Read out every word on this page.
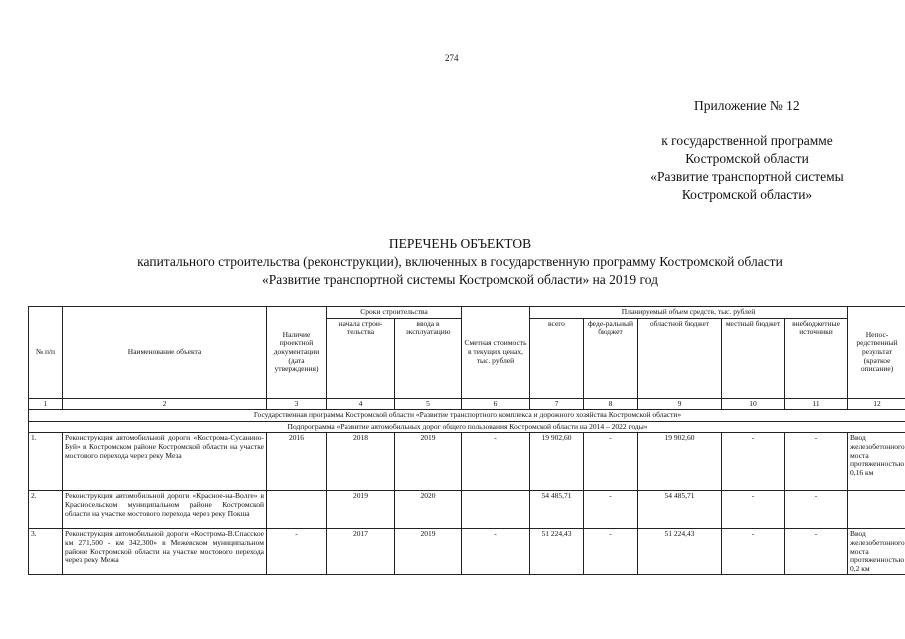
274
Приложение № 12
к государственной программе
Костромской области
«Развитие транспортной системы
Костромской области»
ПЕРЕЧЕНЬ ОБЪЕКТОВ
капитального строительства (реконструкции), включенных в государственную программу Костромской области
«Развитие транспортной системы Костромской области» на 2019 год
№ п/п	Наименование объекта	Наличие проектной документации (дата утверждения)	Сроки строительства		Сметная стоимость в текущих ценах, тыс. рублей	Планируемый объем средств, тыс. рублей					Непос-редственный результат (краткое описание)
			начала строи-тельства	ввода в эксплуатацию		всего	феде-ральный бюджет	областной бюджет	местный бюджет	внебюджетные источники	
1	2	3	4	5	6	7	8	9	10	11	12
Государственная программа Костромской области «Развитие транспортного комплекса и дорожного хозяйства Костромской области»											
Подпрограмма «Развитие автомобильных дорог общего пользования Костромской области на 2014 – 2022 годы»											
1.	Реконструкция автомобильной дороги «Кострома-Сусанино-Буй» в Костромском районе Костромской области на участке мостового перехода через реку Меза	2016	2018	2019	-	19 902,60	-	19 902,60	-	-	Ввод железобетонного моста протяженностью 0,16 км
2.	Реконструкция автомобильной дороги «Красное-на-Волге» в Красносельском муниципальном районе Костромской области на участке мостового перехода через реку Покша		2019	2020		54 485,71	-	54 485,71	-	-	
3.	Реконструкция автомобильной дороги «Кострома-В.Спасское км 271,500 - км 342,300» в Межевском муниципальном районе Костромской области на участке мостового перехода через реку Межа	-	2017	2019	-	51 224,43	-	51 224,43	-	-	Ввод железобетонного моста протяженностью 0,2 км
